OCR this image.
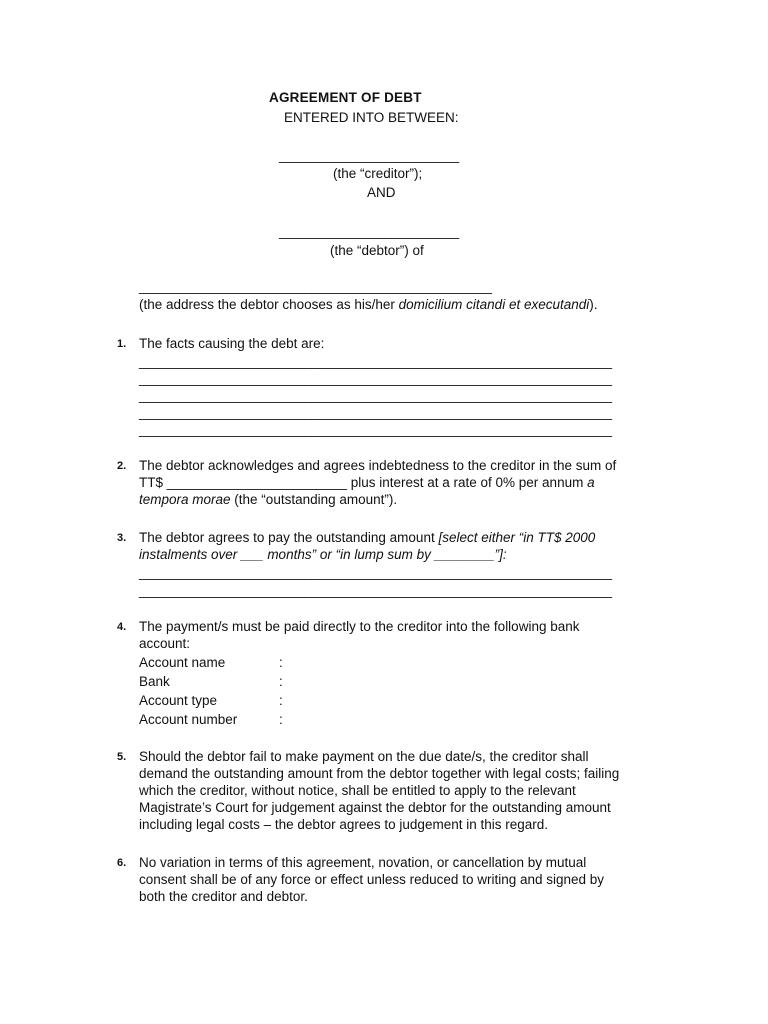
AGREEMENT OF DEBT
ENTERED INTO BETWEEN:
________________________
(the “creditor”);
AND
________________________
(the “debtor”) of
_______________________________________________
(the address the debtor chooses as his/her domicilium citandi et executandi).
1. The facts causing the debt are:
_______________________________________________________________
_______________________________________________________________
_______________________________________________________________
_______________________________________________________________
_______________________________________________________________
2. The debtor acknowledges and agrees indebtedness to the creditor in the sum of
TT$ ________________________ plus interest at a rate of 0% per annum a
tempora morae (the “outstanding amount”).
3. The debtor agrees to pay the outstanding amount [select either “in TT$ 2000
instalments over ___ months” or “in lump sum by ________”]:
_______________________________________________________________
_______________________________________________________________
4. The payment/s must be paid directly to the creditor into the following bank
account:
Account name	:
Bank	:
Account type	:
Account number	:
5. Should the debtor fail to make payment on the due date/s, the creditor shall
demand the outstanding amount from the debtor together with legal costs; failing
which the creditor, without notice, shall be entitled to apply to the relevant
Magistrate’s Court for judgement against the debtor for the outstanding amount
including legal costs – the debtor agrees to judgement in this regard.
6. No variation in terms of this agreement, novation, or cancellation by mutual
consent shall be of any force or effect unless reduced to writing and signed by
both the creditor and debtor.
